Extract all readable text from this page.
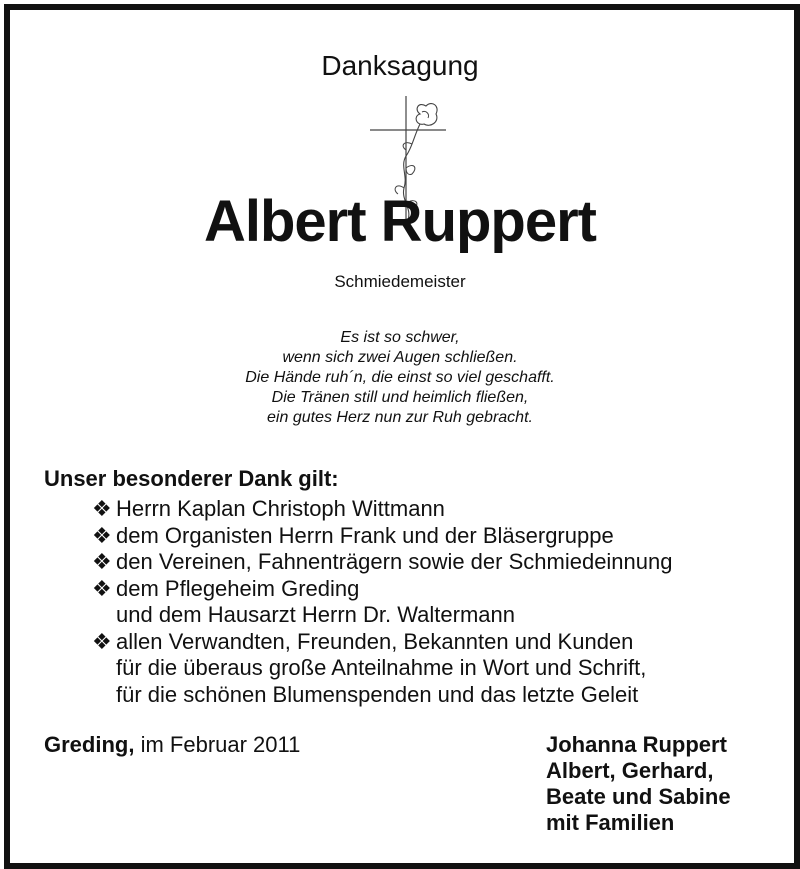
Danksagung
Albert Ruppert
Schmiedemeister
Es ist so schwer,
wenn sich zwei Augen schließen.
Die Hände ruh´n, die einst so viel geschafft.
Die Tränen still und heimlich fließen,
ein gutes Herz nun zur Ruh gebracht.
Unser besonderer Dank gilt:
❖ Herrn Kaplan Christoph Wittmann
❖ dem Organisten Herrn Frank und der Bläsergruppe
❖ den Vereinen, Fahnenträgern sowie der Schmiedeinnung
❖ dem Pflegeheim Greding
und dem Hausarzt Herrn Dr. Waltermann
❖ allen Verwandten, Freunden, Bekannten und Kunden
für die überaus große Anteilnahme in Wort und Schrift,
für die schönen Blumenspenden und das letzte Geleit
Greding, im Februar 2011	Johanna Ruppert
Albert, Gerhard,
Beate und Sabine
mit Familien
